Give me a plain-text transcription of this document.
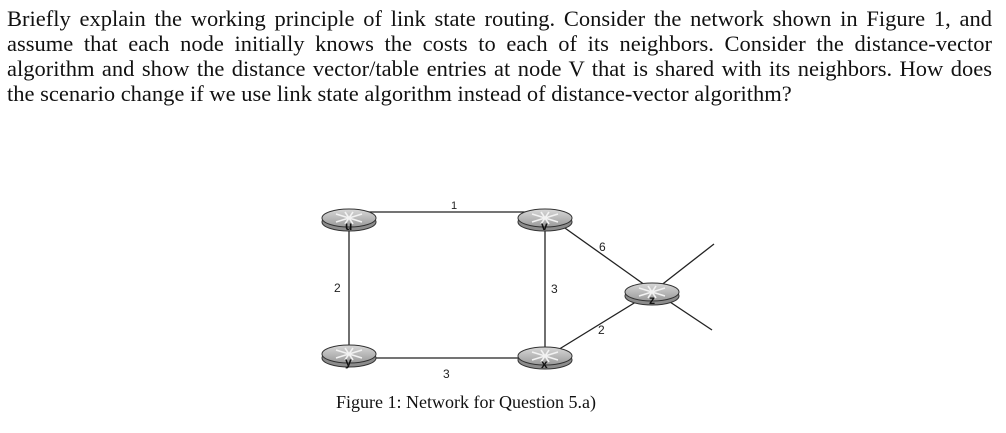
Briefly explain the working principle of link state routing. Consider the network shown in Figure 1, and assume that each node initially knows the costs to each of its neighbors. Consider the distance-vector algorithm and show the distance vector/table entries at node V that is shared with its neighbors. How does the scenario change if we use link state algorithm instead of distance-vector algorithm?
1
2	3
3
6
2
u	v
y	x
z
Figure 1: Network for Question 5.a)
